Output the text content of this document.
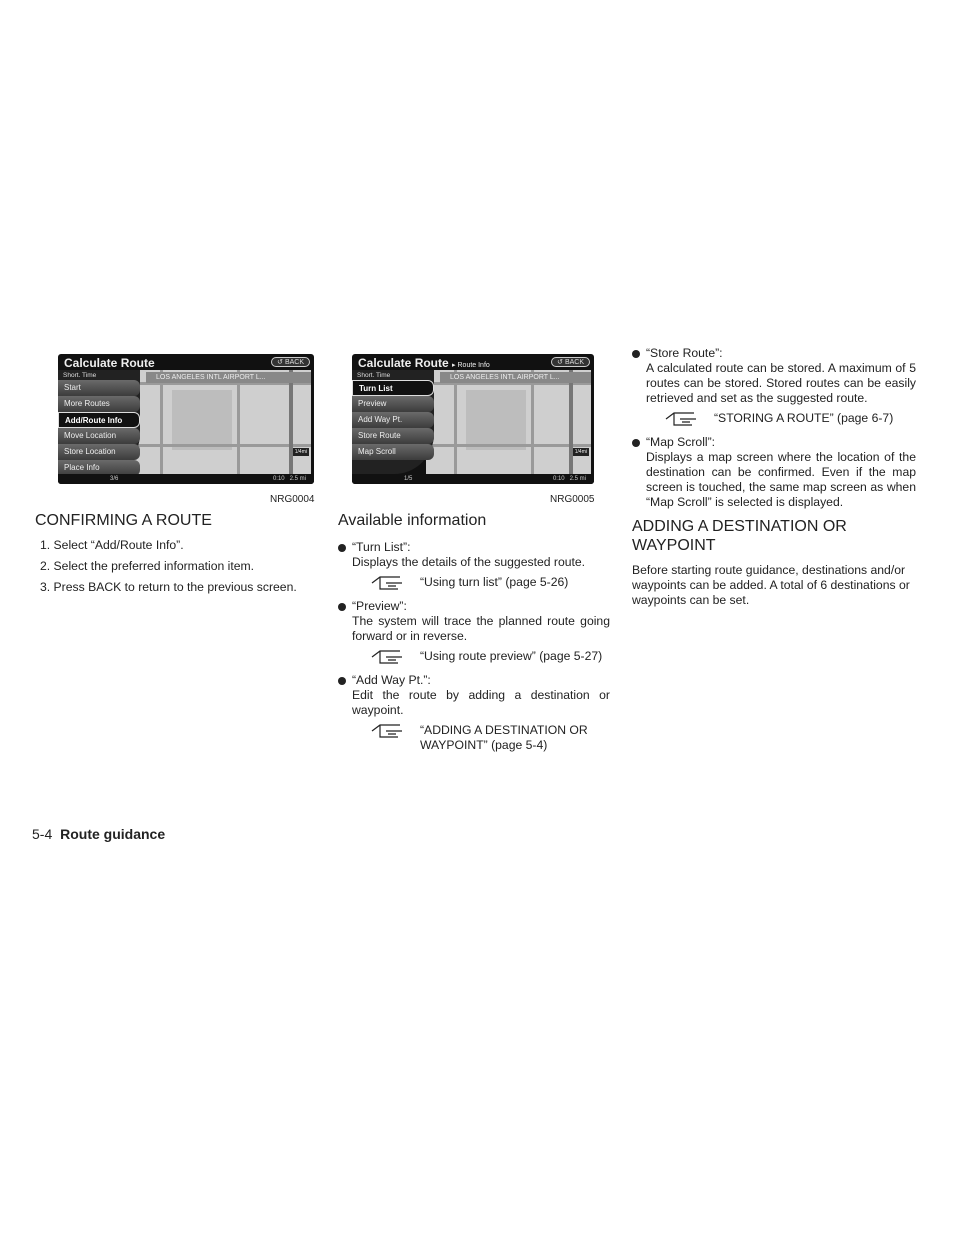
Calculate Route	↺ BACK
LOS ANGELES INTL AIRPORT L...
1/4mi
Short. Time
Start
More Routes
Add/Route Info
Move Location
Store Location
Place Info
3/6	0:10 2.5 mi
NRG0004
Calculate Route ▸ Route Info	↺ BACK
LOS ANGELES INTL AIRPORT L...
1/4mi
Short. Time
Turn List
Preview
Add Way Pt.
Store Route
Map Scroll
1/5	0:10 2.5 mi
NRG0005
CONFIRMING A ROUTE
1. Select “Add/Route Info”.
2. Select the preferred information item.
3. Press BACK to return to the previous screen.
Available information
“Turn List”:
Displays the details of the suggested route.
“Using turn list” (page 5-26)
“Preview”:
The system will trace the planned route going forward or in reverse.
“Using route preview” (page 5-27)
“Add Way Pt.”:
Edit the route by adding a destination or waypoint.
“ADDING A DESTINATION OR WAYPOINT” (page 5-4)
“Store Route”:
A calculated route can be stored. A maximum of 5 routes can be stored. Stored routes can be easily retrieved and set as the suggested route.
“STORING A ROUTE” (page 6-7)
“Map Scroll”:
Displays a map screen where the location of the destination can be confirmed. Even if the map screen is touched, the same map screen as when “Map Scroll” is selected is displayed.
ADDING A DESTINATION OR WAYPOINT
Before starting route guidance, destinations and/or waypoints can be added. A total of 6 destinations or waypoints can be set.
5-4 Route guidance
